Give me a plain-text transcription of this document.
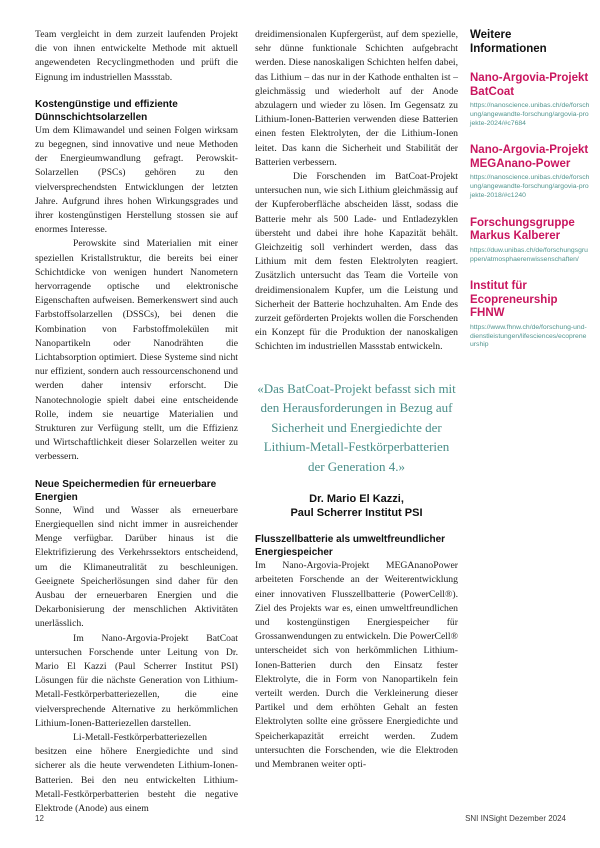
Team vergleicht in dem zurzeit laufenden Projekt die von ihnen entwickelte Methode mit aktuell angewendeten Recyclingmethoden und prüft die Eignung im industriellen Massstab.

Kostengünstige und effiziente Dünnschichtsolarzellen

Um dem Klimawandel und seinen Folgen wirksam zu begegnen, sind innovative und neue Methoden der Energieumwandlung gefragt. Perowskit-Solarzellen (PSCs) gehören zu den vielversprechendsten Entwicklungen der letzten Jahre. Aufgrund ihres hohen Wirkungsgrades und ihrer kostengünstigen Herstellung stossen sie auf enormes Interesse.

Perowskite sind Materialien mit einer speziellen Kristallstruktur, die bereits bei einer Schichtdicke von wenigen hundert Nanometern hervorragende optische und elektronische Eigenschaften aufweisen. Bemerkenswert sind auch Farbstoffsolarzellen (DSSCs), bei denen die Kombination von Farbstoffmolekülen mit Nanopartikeln oder Nanodrähten die Lichtabsorption optimiert. Diese Systeme sind nicht nur effizient, sondern auch ressourcenschonend und werden daher intensiv erforscht. Die Nanotechnologie spielt dabei eine entscheidende Rolle, indem sie neuartige Materialien und Strukturen zur Verfügung stellt, um die Effizienz und Wirtschaftlichkeit dieser Solarzellen weiter zu verbessern.

Neue Speichermedien für erneuerbare Energien

Sonne, Wind und Wasser als erneuerbare Energiequellen sind nicht immer in ausreichender Menge verfügbar. Darüber hinaus ist die Elektrifizierung des Verkehrssektors entscheidend, um die Klimaneutralität zu beschleunigen. Geeignete Speicherlösungen sind daher für den Ausbau der erneuerbaren Energien und die Dekarbonisierung der menschlichen Aktivitäten unerlässlich.

Im Nano-Argovia-Projekt BatCoat untersuchen Forschende unter Leitung von Dr. Mario El Kazzi (Paul Scherrer Institut PSI) Lösungen für die nächste Generation von Lithium-Metall-Festkörperbatteriezellen, die eine vielversprechende Alternative zu herkömmlichen Lithium-Ionen-Batteriezellen darstellen.

Li-Metall-Festkörperbatteriezellen besitzen eine höhere Energiedichte und sind sicherer als die heute verwendeten Lithium-Ionen-Batterien. Bei den neu entwickelten Lithium-Metall-Festkörperbatterien besteht die negative Elektrode (Anode) aus einem

dreidimensionalen Kupfergerüst, auf dem spezielle, sehr dünne funktionale Schichten aufgebracht werden. Diese nanoskaligen Schichten helfen dabei, das Lithium – das nur in der Kathode enthalten ist – gleichmässig und wiederholt auf der Anode abzulagern und wieder zu lösen. Im Gegensatz zu Lithium-Ionen-Batterien verwenden diese Batterien einen festen Elektrolyten, der die Lithium-Ionen leitet. Das kann die Sicherheit und Stabilität der Batterien verbessern.

Die Forschenden im BatCoat-Projekt untersuchen nun, wie sich Lithium gleichmässig auf der Kupferoberfläche abscheiden lässt, sodass die Batterie mehr als 500 Lade- und Entladezyklen übersteht und dabei ihre hohe Kapazität behält. Gleichzeitig soll verhindert werden, dass das Lithium mit dem festen Elektrolyten reagiert. Zusätzlich untersucht das Team die Vorteile von dreidimensionalem Kupfer, um die Leistung und Sicherheit der Batterie hochzuhalten. Am Ende des zurzeit geförderten Projekts wollen die Forschenden ein Konzept für die Produktion der nanoskaligen Schichten im industriellen Massstab entwickeln.

«Das BatCoat-Projekt befasst sich mit den Herausforderungen in Bezug auf Sicherheit und Energiedichte der Lithium-Metall-Festkörperbatterien der Generation 4.»
Dr. Mario El Kazzi,
Paul Scherrer Institut PSI
Flusszellbatterie als umweltfreundlicher Energiespeicher

Im Nano-Argovia-Projekt MEGAnanoPower arbeiteten Forschende an der Weiterentwicklung einer innovativen Flusszellbatterie (PowerCell®). Ziel des Projekts war es, einen umweltfreundlichen und kostengünstigen Energiespeicher für Grossanwendungen zu entwickeln. Die PowerCell® unterscheidet sich von herkömmlichen Lithium-Ionen-Batterien durch den Einsatz fester Elektrolyte, die in Form von Nanopartikeln fein verteilt werden. Durch die Verkleinerung dieser Partikel und dem erhöhten Gehalt an festen Elektrolyten sollte eine grössere Energiedichte und Speicherkapazität erreicht werden. Zudem untersuchten die Forschenden, wie die Elektroden und Membranen weiter opti-

Weitere Informationen
Nano-Argovia-Projekt BatCoat
https://nanoscience.unibas.ch/de/forschung/angewandte-forschung/argovia-projekte-2024/#c7684
Nano-Argovia-Projekt MEGAnano-Power
https://nanoscience.unibas.ch/de/forschung/angewandte-forschung/argovia-projekte-2018/#c1240
Forschungsgruppe Markus Kalberer
https://duw.unibas.ch/de/forschungsgruppen/atmosphaerenwissenschaften/
Institut für Ecopreneurship FHNW
https://www.fhnw.ch/de/forschung-und-dienstleistungen/lifesciences/ecopreneurship
12	SNI INSight Dezember 2024
